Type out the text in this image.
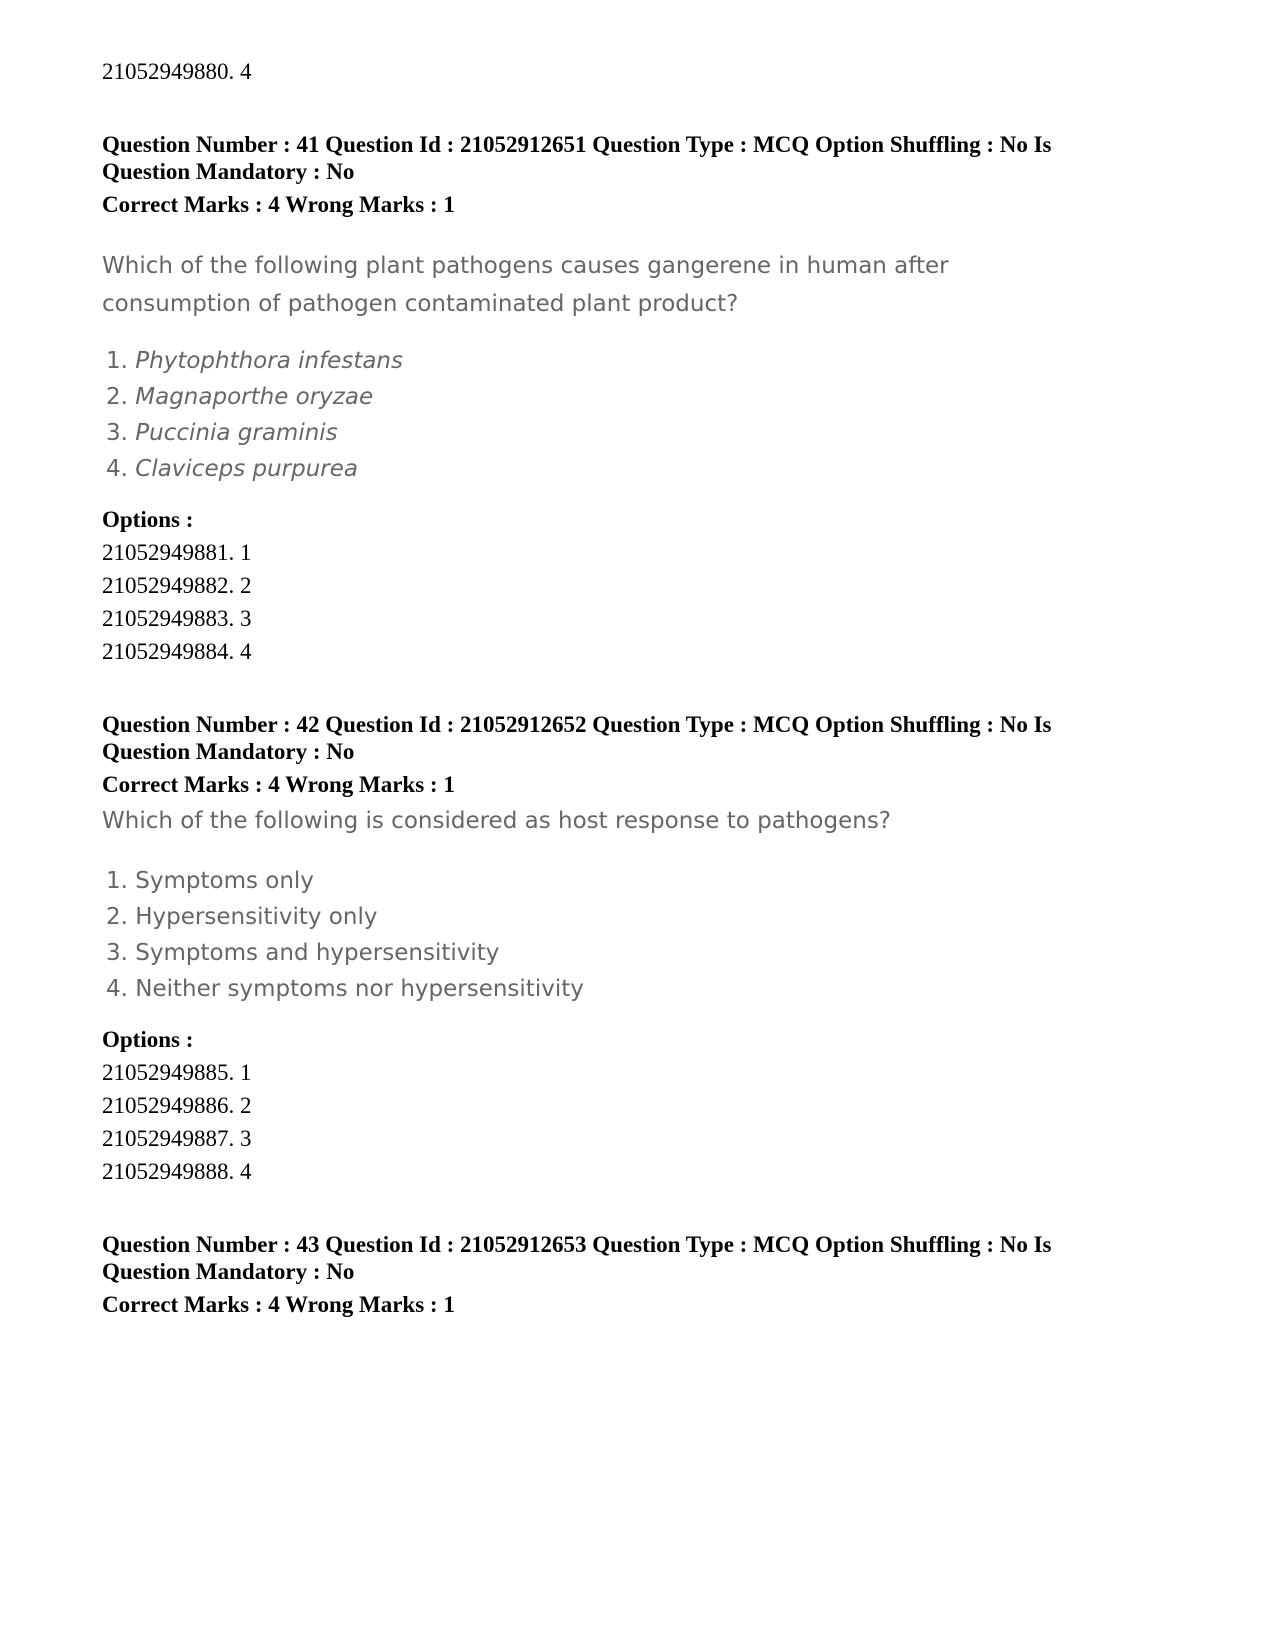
21052949880. 4
Question Number : 41 Question Id : 21052912651 Question Type : MCQ Option Shuffling : No Is
Question Mandatory : No
Correct Marks : 4 Wrong Marks : 1
Which of the following plant pathogens causes gangerene in human after consumption of pathogen contaminated plant product?
1. Phytophthora infestans
2. Magnaporthe oryzae
3. Puccinia graminis
4. Claviceps purpurea
Options :
21052949881. 1
21052949882. 2
21052949883. 3
21052949884. 4
Question Number : 42 Question Id : 21052912652 Question Type : MCQ Option Shuffling : No Is
Question Mandatory : No
Correct Marks : 4 Wrong Marks : 1
Which of the following is considered as host response to pathogens?
1. Symptoms only
2. Hypersensitivity only
3. Symptoms and hypersensitivity
4. Neither symptoms nor hypersensitivity
Options :
21052949885. 1
21052949886. 2
21052949887. 3
21052949888. 4
Question Number : 43 Question Id : 21052912653 Question Type : MCQ Option Shuffling : No Is
Question Mandatory : No
Correct Marks : 4 Wrong Marks : 1
